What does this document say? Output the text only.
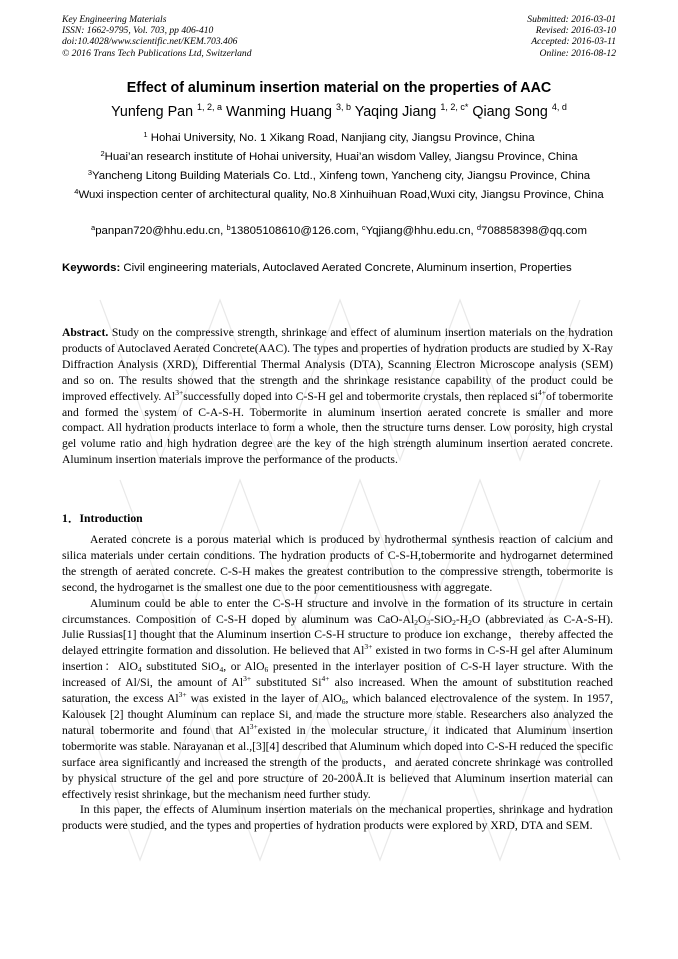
Key Engineering Materials
ISSN: 1662-9795, Vol. 703, pp 406-410
doi:10.4028/www.scientific.net/KEM.703.406
© 2016 Trans Tech Publications Ltd, Switzerland
Submitted: 2016-03-01
Revised: 2016-03-10
Accepted: 2016-03-11
Online: 2016-08-12
Effect of aluminum insertion material on the properties of AAC
Yunfeng Pan $^{1, 2, a}$ Wanming Huang $^{3, b}$ Yaqing Jiang $^{1, 2, c*}$ Qiang Song $^{4, d}$
$^1$ Hohai University, No. 1 Xikang Road, Nanjiang city, Jiangsu Province, China
$^2$Huai’an research institute of Hohai university, Huai’an wisdom Valley, Jiangsu Province, China
$^3$Yancheng Litong Building Materials Co. Ltd., Xinfeng town, Yancheng city, Jiangsu Province, China
$^4$Wuxi inspection center of architectural quality, No.8 Xinhuihuan Road,Wuxi city, Jiangsu Province, China
$^a$panpan720@hhu.edu.cn, $^b$13805108610@126.com, $^c$Yqjiang@hhu.edu.cn, $^d$708858398@qq.com
Keywords: Civil engineering materials, Autoclaved Aerated Concrete, Aluminum insertion, Properties

Abstract. Study on the compressive strength, shrinkage and effect of aluminum insertion materials on the hydration products of Autoclaved Aerated Concrete(AAC). The types and properties of hydration products are studied by X-Ray Diffraction Analysis (XRD), Differential Thermal Analysis (DTA), Scanning Electron Microscope analysis (SEM) and so on. The results showed that the strength and the shrinkage resistance capability of the product could be improved effectively. $Al^{3+}successfully$ doped into C-S-H gel and tobermorite crystals, then replaced $si^{4+}of$ tobermorite and formed the system of C-A-S-H. Tobermorite in aluminum insertion aerated concrete is smaller and more compact. All hydration products interlace to form a whole, then the structure turns denser. Low porosity, high crystal gel volume ratio and high hydration degree are the key of the high strength aluminum insertion aerated concrete. Aluminum insertion materials improve the performance of the products.

1．Introduction

Aerated concrete is a porous material which is produced by hydrothermal synthesis reaction of calcium and silica materials under certain conditions. The hydration products of C-S-H,tobermorite and hydrogarnet determined the strength of aerated concrete. C-S-H makes the greatest contribution to the compressive strength, tobermorite is second, the hydrogarnet is the smallest one due to the poor cementitiousness with aggregate.

Aluminum could be able to enter the C-S-H structure and involve in the formation of its structure in certain circumstances. Composition of C-S-H doped by aluminum was CaO-$Al_2O_3-SiO_2-H_2O$ (abbreviated as C-A-S-H). Julie Russias[1] thought that the Aluminum insertion C-S-H structure to produce ion exchange，thereby affected the delayed ettringite formation and dissolution. He believed that $Al^{3+}$ existed in two forms in C-S-H gel after Aluminum insertion：AlO$_4$ substituted SiO$_4$, or AlO$_6$ presented in the interlayer position of C-S-H layer structure. With the increased of Al/Si, the amount of $Al^{3+}$ substituted $Si^{4+}$ also increased. When the amount of substitution reached saturation, the excess $Al^{3+}$ was existed in the layer of AlO$_6$, which balanced electrovalence of the system. In 1957, Kalousek [2] thought Aluminum can replace Si, and made the structure more stable. Researchers also analyzed the natural tobermorite and found that $Al^{3+}existed$ in the molecular structure, it indicated that Aluminum insertion tobermorite was stable. Narayanan et al.,[3][4] described that Aluminum which doped into C-S-H reduced the specific surface area significantly and increased the strength of the products，and aerated concrete shrinkage was controlled by physical structure of the gel and pore structure of 20-200Å.It is believed that Aluminum insertion material can effectively resist shrinkage, but the mechanism need further study.

In this paper, the effects of Aluminum insertion materials on the mechanical properties, shrinkage and hydration products were studied, and the types and properties of hydration products were explored by XRD, DTA and SEM.
